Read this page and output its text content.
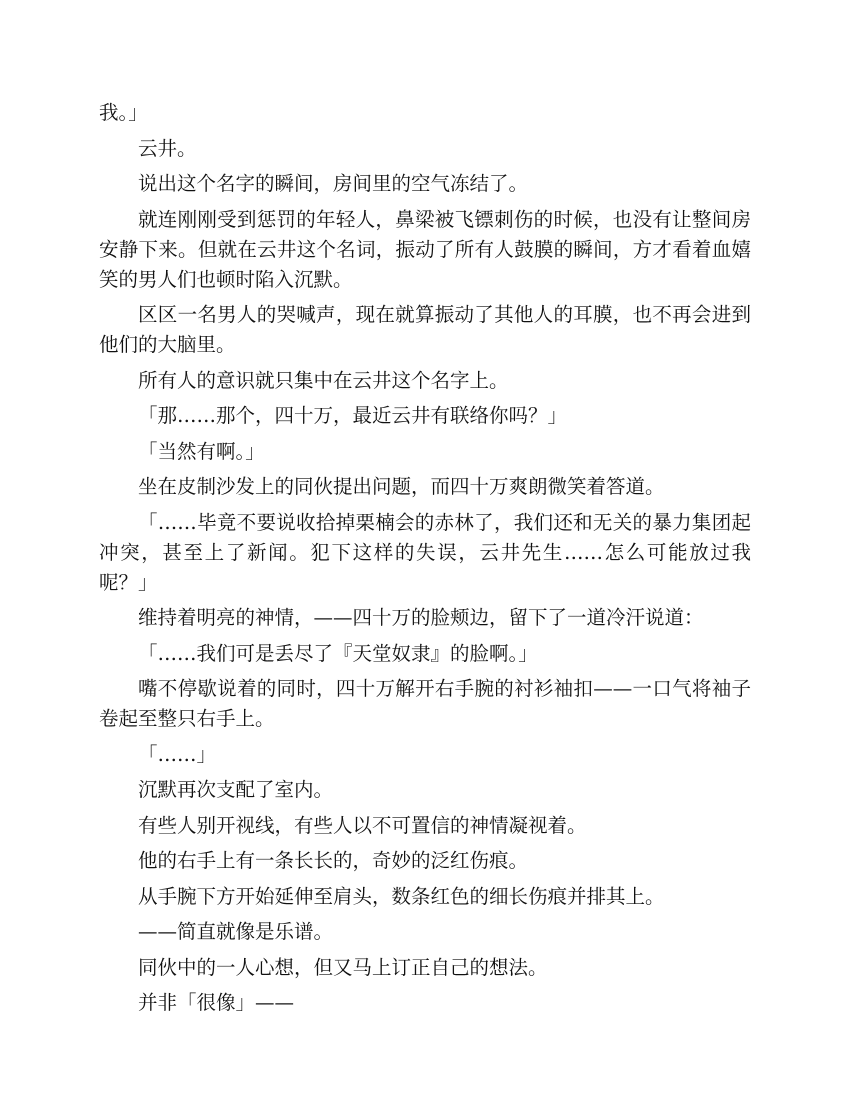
我。」

云井。

说出这个名字的瞬间，房间里的空气冻结了。

就连刚刚受到惩罚的年轻人，鼻梁被飞镖刺伤的时候，也没有让整间房安静下来。但就在云井这个名词，振动了所有人鼓膜的瞬间，方才看着血嬉笑的男人们也顿时陷入沉默。

区区一名男人的哭喊声，现在就算振动了其他人的耳膜，也不再会进到他们的大脑里。

所有人的意识就只集中在云井这个名字上。

「那……那个，四十万，最近云井有联络你吗？」

「当然有啊。」

坐在皮制沙发上的同伙提出问题，而四十万爽朗微笑着答道。

「……毕竟不要说收拾掉栗楠会的赤林了，我们还和无关的暴力集团起冲突，甚至上了新闻。犯下这样的失误，云井先生……怎么可能放过我呢？」

维持着明亮的神情，——四十万的脸颊边，留下了一道冷汗说道：

「……我们可是丢尽了『天堂奴隶』的脸啊。」

嘴不停歇说着的同时，四十万解开右手腕的衬衫袖扣——一口气将袖子卷起至整只右手上。

「……」

沉默再次支配了室内。

有些人别开视线，有些人以不可置信的神情凝视着。

他的右手上有一条长长的，奇妙的泛红伤痕。

从手腕下方开始延伸至肩头，数条红色的细长伤痕并排其上。

——简直就像是乐谱。

同伙中的一人心想，但又马上订正自己的想法。

并非「很像」——
